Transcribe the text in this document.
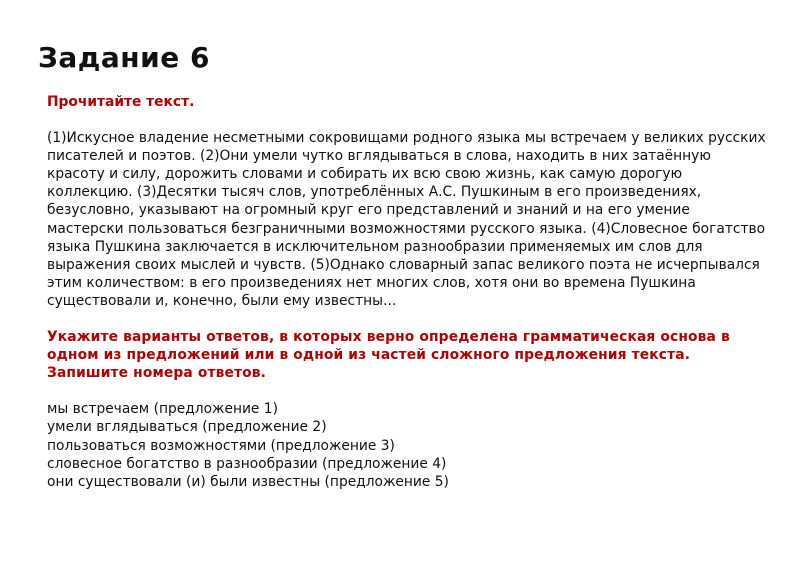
Задание 6

Прочитайте текст.

(1)Искусное владение несметными сокровищами родного языка мы встречаем у великих русских писателей и поэтов. (2)Они умели чутко вглядываться в слова, находить в них затаённую красоту и силу, дорожить словами и собирать их всю свою жизнь, как самую дорогую коллекцию. (3)Десятки тысяч слов, употреблённых А.С. Пушкиным в его произведениях, безусловно, указывают на огромный круг его представлений и знаний и на его умение мастерски пользоваться безграничными возможностями русского языка. (4)Словесное богатство языка Пушкина заключается в исключительном разнообразии применяемых им слов для выражения своих мыслей и чувств. (5)Однако словарный запас великого поэта не исчерпывался этим количеством: в его произведениях нет многих слов, хотя они во времена Пушкина существовали и, конечно, были ему известны...

Укажите варианты ответов, в которых верно определена грамматическая основа в одном из предложений или в одной из частей сложного предложения текста. Запишите номера ответов.

мы встречаем (предложение 1)
умели вглядываться (предложение 2)
пользоваться возможностями (предложение 3)
словесное богатство в разнообразии (предложение 4)
они существовали (и) были известны (предложение 5)
